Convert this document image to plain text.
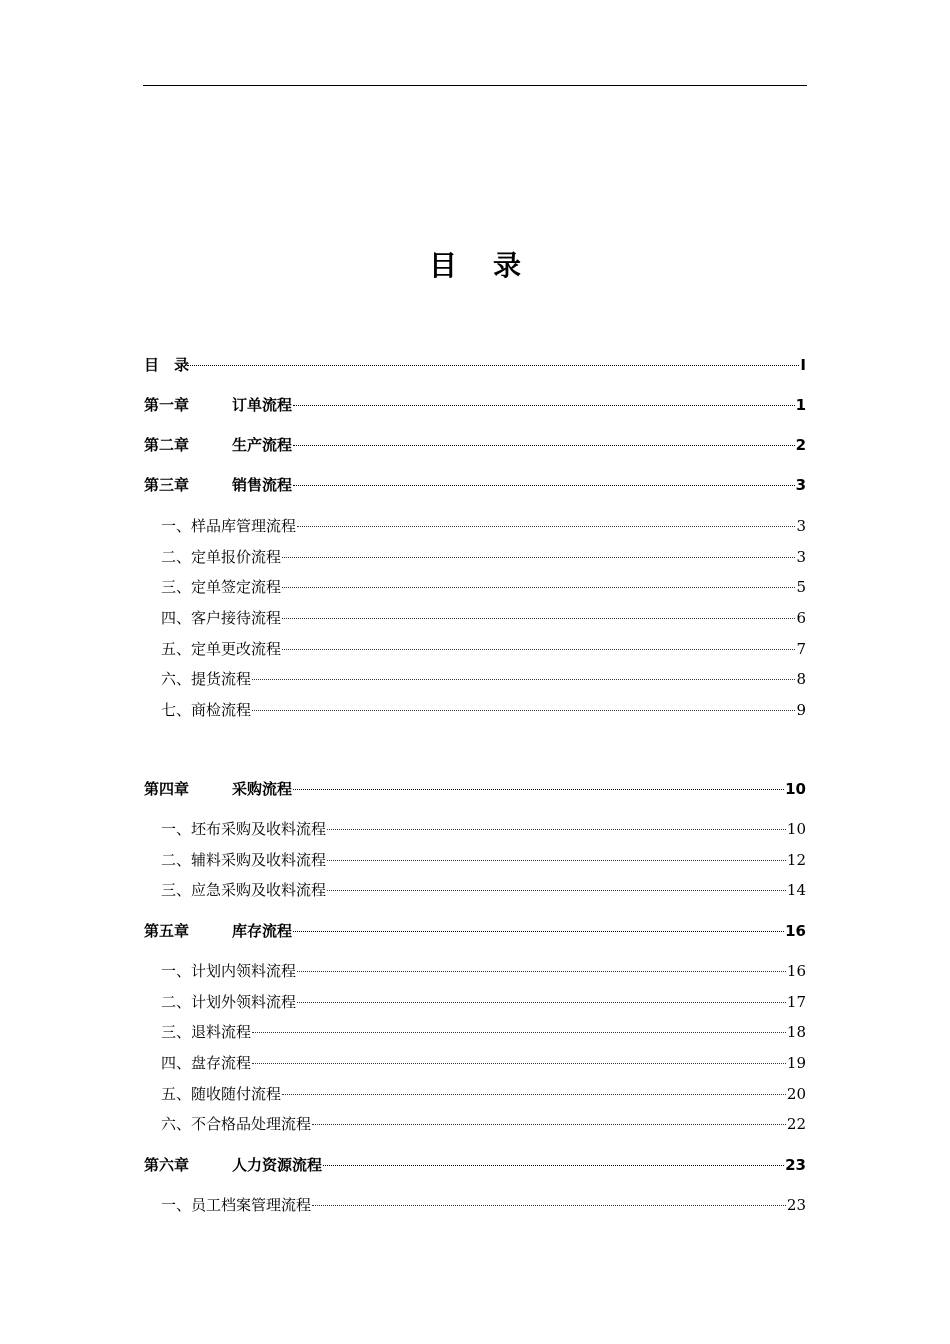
目 录
目　录	I
第一章	订单流程	1
第二章	生产流程	2
第三章	销售流程	3
一、样品库管理流程	3
二、定单报价流程	3
三、定单签定流程	5
四、客户接待流程	6
五、定单更改流程	7
六、提货流程	8
七、商检流程	9
第四章	采购流程	10
一、坯布采购及收料流程	10
二、辅料采购及收料流程	12
三、应急采购及收料流程	14
第五章	库存流程	16
一、计划内领料流程	16
二、计划外领料流程	17
三、退料流程	18
四、盘存流程	19
五、随收随付流程	20
六、不合格品处理流程	22
第六章	人力资源流程	23
一、员工档案管理流程	23
